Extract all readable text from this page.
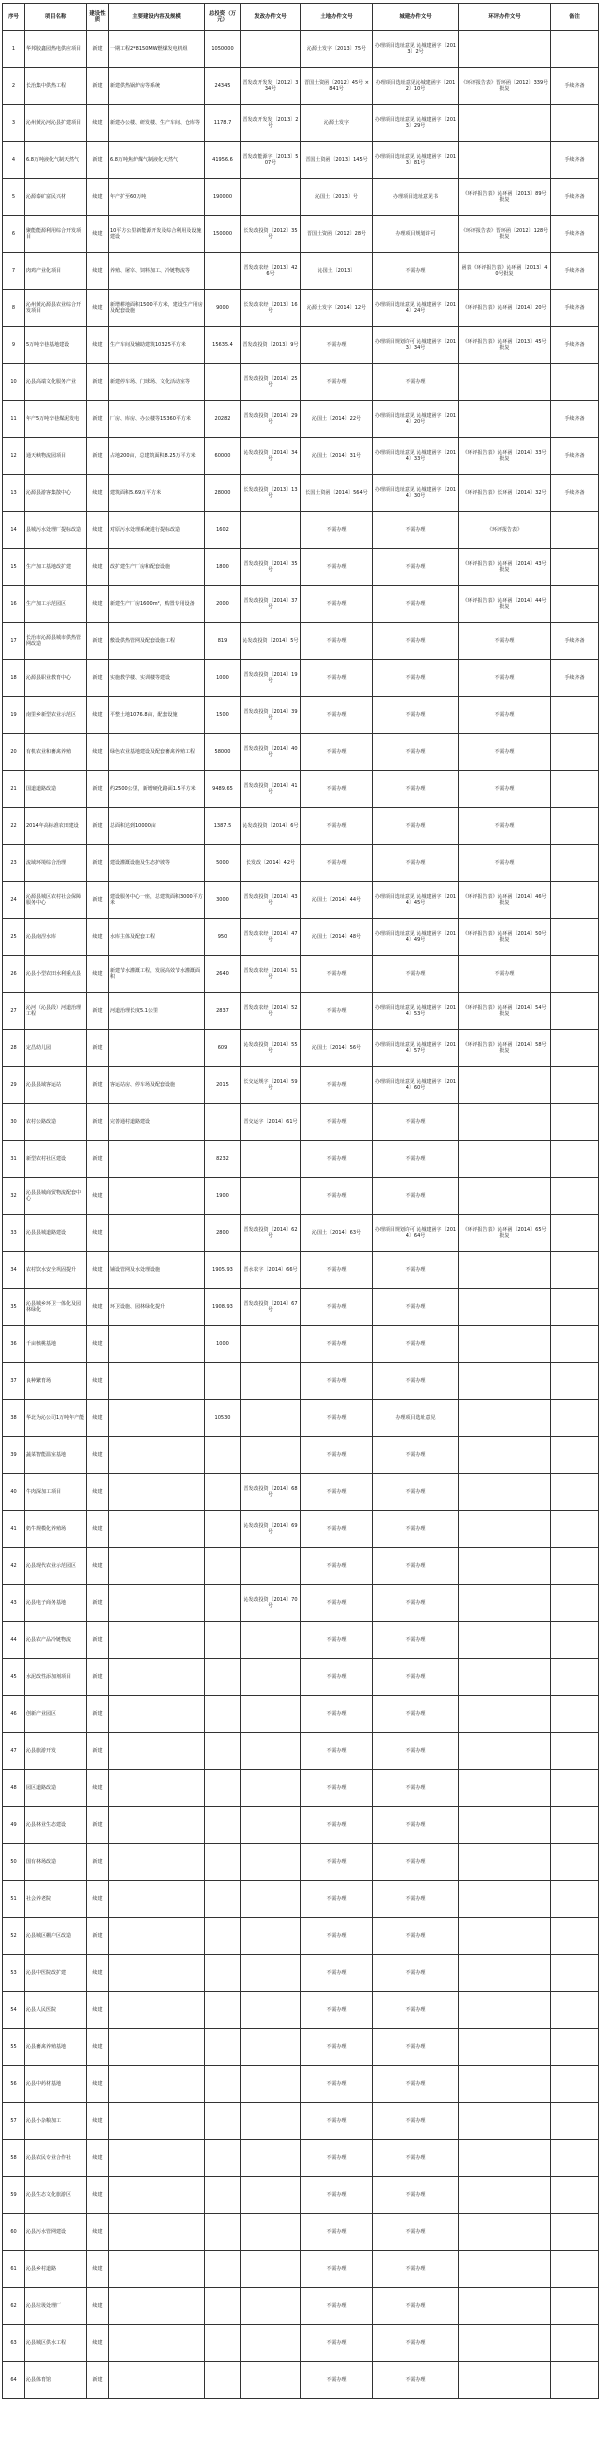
序号	项目名称	建设性质	主要建设内容及规模	总投资（万元）	发改办件文号	土地办件文号	城建办件文号	环评办件文号	备注
1	华邦胶鑫园热电供应项目	新建	一期工程2*8150MW燃煤发电机组	1050000		沁源土发字〔2013〕75号	办理项目选址意见 沁城建函字〔2013〕2号		
2	长治集中供热工程	新建	新建供热锅炉房等系统	24345	晋发改开发发〔2012〕334号	晋国土资函〔2012〕45号 × 841号	办理项目选址意见沁城建函字〔2012〕10号	《环评报告表》晋环函〔2012〕339号批复	手续齐备
3	沁州黄沁河沁县扩建项目	续建	新建办公楼、研发楼、生产车间、仓库等	1178.7	晋发改开发发〔2013〕2号	沁源土发字	办理项目选址意见 沁城建函字〔2013〕29号		
4	6.8万吨液化气制天然气	新建	6.8万吨焦炉煤气制液化天然气	41956.6	晋发改能源字〔2013〕507号	晋国土资函〔2013〕145号	办理项目选址意见 沁城建函字〔2013〕81号		手续齐备
5	沁源泰矿富民兴材	续建	年产扩至60万吨	190000		沁国土〔2013〕号	办理项目选址意见书	《环评报告表》沁环函〔2013〕89号批复	手续齐备
6	聚能能源利用综合开发项目	续建	10平方公里新能源开发及综合利用及设施建设	150000	长发改投资〔2012〕35号	晋国土资函〔2012〕28号	办理项目规划许可	《环评报告表》晋环函〔2012〕128号批复	手续齐备
7	肉鸡产业化项目	续建	养殖、屠宰、饲料加工、冷链物流等		晋发改农经〔2013〕426号	沁国土〔2013〕	不需办理	函表《环评报告表》沁环函〔2013〕40号批复	手续齐备
8	沁州黄沁源县农业综合开发项目	续建	新增耕地面积1500平方米，建设生产用房及配套设施	9000	长发改农经〔2013〕16号	沁源土发字〔2014〕12号	办理项目选址意见 沁城建函字〔2014〕24号	《环评报告表》沁环函〔2014〕20号	手续齐备
9	5万吨辛巷基地建设	续建	生产车间及辅助建筑10325平方米	15635.4	晋发改投资〔2013〕9号	不需办理	办理项目规划许可 沁城建函字〔2013〕34号	《环评报告表》沁环函〔2013〕45号批复	手续齐备
10	沁县高端文化服务产业	新建	新建停车场、门球场、文化活动室等		晋发改投资〔2014〕25号	不需办理	不需办理		
11	年产5万吨辛巷煤泥发电	新建	厂房、库房、办公楼等15360平方米	20282	晋发改投资〔2014〕29号	沁国土〔2014〕22号	办理项目选址意见 沁城建函字〔2014〕20号		手续齐备
12	通天峡物流园项目	新建	占地200亩，总建筑面积8.25万平方米	60000	沁发改投资〔2014〕34号	沁国土〔2014〕31号	办理项目选址意见 沁城建函字〔2014〕33号	《环评报告表》沁环函〔2014〕33号批复	手续齐备
13	沁源县游客集散中心	续建	建筑面积5.69万平方米	28000	长发改投资〔2013〕13号	长国土资函〔2014〕564号	办理项目选址意见 沁城建函字〔2014〕30号	《环评报告表》长环函〔2014〕32号	手续齐备
14	县城污水处理厂提标改造	续建	对原污水处理系统进行提标改造	1602		不需办理	不需办理	《环评报告表》	
15	生产加工基地改扩建	续建	改扩建生产厂房和配套设施	1800	晋发改投资〔2014〕35号	不需办理	不需办理	《环评报告表》沁环函〔2014〕43号批复	
16	生产加工示范园区	续建	新建生产厂房1600m²，购置专用设备	2000	晋发改投资〔2014〕37号	不需办理	不需办理	《环评报告表》沁环函〔2014〕44号批复	
17	长治市沁源县城市供热管网改造	新建	敷设供热管网及配套设施工程	819	沁发改投资〔2014〕5号	不需办理	不需办理	不需办理	手续齐备
18	沁源县职业教育中心	新建	实施教学楼、实训楼等建设	1000	晋发改投资〔2014〕19号	不需办理	不需办理	不需办理	手续齐备
19	南里乡新型农业示范区	续建	平整土地1076.8亩，配套设施	1500	晋发改投资〔2014〕39号	不需办理	不需办理	不需办理	
20	有机农业和畜禽养殖	续建	绿色农业基地建设及配套畜禽养殖工程	58000	晋发改投资〔2014〕40号	不需办理	不需办理	不需办理	
21	国道道路改造	新建	约2500公里，新增硬化路面1.5平方米	9489.65	晋发改投资〔2014〕41号	不需办理	不需办理	不需办理	
22	2014年高标准农田建设	新建	总面积达到10000亩	1387.5	沁发改投资〔2014〕6号	不需办理	不需办理	不需办理	
23	流域环境综合治理	新建	建设灌溉设施及生态护坡等	5000	长发改〔2014〕42号	不需办理	不需办理	不需办理	
24	沁源县城区农村社会保障服务中心	新建	建设服务中心一座，总建筑面积3000平方米	3000	晋发改投资〔2014〕43号	沁国土〔2014〕44号	办理项目选址意见 沁城建函字〔2014〕45号	《环评报告表》沁环函〔2014〕46号批复	
25	沁县南涅水库	续建	水库主体及配套工程	950	晋发改农经〔2014〕47号	沁国土〔2014〕48号	办理项目选址意见 沁城建函字〔2014〕49号	《环评报告表》沁环函〔2014〕50号批复	
26	沁县小型农田水利重点县	续建	新建节水灌溉工程，发展高效节水灌溉面积	2640	晋发改农经〔2014〕51号	不需办理	不需办理	不需办理	
27	沁河（沁县段）河道治理工程	新建	河道治理长度5.1公里	2837	晋发改农经〔2014〕52号	不需办理	办理项目选址意见 沁城建函字〔2014〕53号	《环评报告表》沁环函〔2014〕54号批复	
28	定昌幼儿园	新建		609	沁发改投资〔2014〕55号	沁国土〔2014〕56号	办理项目选址意见 沁城建函字〔2014〕57号	《环评报告表》沁环函〔2014〕58号批复	
29	沁县县域客运站	新建	客运站房、停车场及配套设施	2015	长交运规字〔2014〕59号	不需办理	办理项目选址意见 沁城建函字〔2014〕60号		
30	农村公路改造	新建	完善通村道路建设		晋交运字〔2014〕61号	不需办理	不需办理		
31	新型农村社区建设	新建		8232		不需办理	不需办理		
32	沁县县城商贸物流配套中心	续建		1900		不需办理	不需办理		
33	沁县县城道路建设	续建		2800	晋发改投资〔2014〕62号	沁国土〔2014〕63号	办理项目规划许可 沁城建函字〔2014〕64号	《环评报告表》沁环函〔2014〕65号批复	
34	农村饮水安全巩固提升	续建	铺设管网及水处理设施	1905.93	晋水农字〔2014〕66号	不需办理	不需办理		
35	沁县城乡环卫一体化及园林绿化	续建	环卫设施、园林绿化提升	1908.93	晋发改投资〔2014〕67号	不需办理	不需办理		
36	千亩核桃基地	续建		1000		不需办理	不需办理		
37	良种繁育场	续建				不需办理	不需办理		
38	华北为沁公司1万吨年产能	续建		10530		不需办理	办理项目选址意见		
39	蔬菜智能温室基地	续建				不需办理	不需办理		
40	牛肉深加工项目	续建			晋发改投资〔2014〕68号	不需办理	不需办理		
41	奶牛规模化养殖场	续建			沁发改投资〔2014〕69号	不需办理	不需办理		
42	沁县现代农业示范园区	续建				不需办理	不需办理		
43	沁县电子商务基地	新建			沁发改投资〔2014〕70号	不需办理	不需办理		
44	沁县农产品冷链物流	新建				不需办理	不需办理		
45	水泥改性添加剂项目	新建				不需办理	不需办理		
46	创新产业园区	新建				不需办理	不需办理		
47	沁县旅游开发	新建				不需办理	不需办理		
48	园区道路改造	续建				不需办理	不需办理		
49	沁县林业生态建设	新建				不需办理	不需办理		
50	国有林场改造	新建				不需办理	不需办理		
51	社会养老院	续建				不需办理	不需办理		
52	沁县城区棚户区改造	新建				不需办理	不需办理		
53	沁县中医院改扩建	续建				不需办理	不需办理		
54	沁县人民医院	续建				不需办理	不需办理		
55	沁县畜禽养殖基地	续建				不需办理	不需办理		
56	沁县中药材基地	续建				不需办理	不需办理		
57	沁县小杂粮加工	续建				不需办理	不需办理		
58	沁县农民专业合作社	续建				不需办理	不需办理		
59	沁县生态文化旅游区	续建				不需办理	不需办理		
60	沁县污水管网建设	续建				不需办理	不需办理		
61	沁县乡村道路	续建				不需办理	不需办理		
62	沁县垃圾处理厂	续建				不需办理	不需办理		
63	沁县城区供水工程	续建				不需办理	不需办理		
64	沁县体育馆	新建				不需办理	不需办理		
